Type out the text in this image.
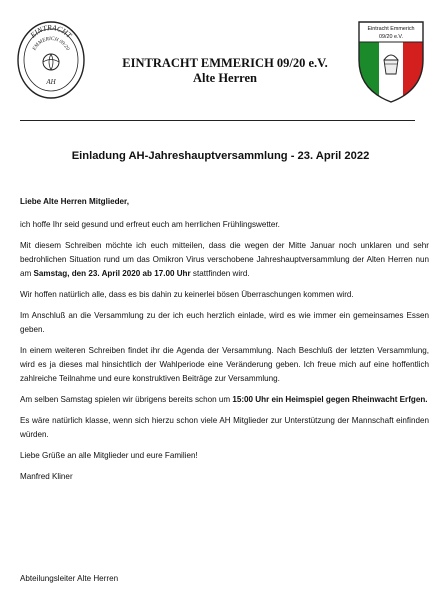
EINTRACHT
EMMERICH 09/20
AH
EINTRACHT EMMERICH 09/20 e.V.
Alte Herren
Eintracht Emmerich
09/20 e.V.
Einladung AH-Jahreshauptversammlung - 23. April 2022

Liebe Alte Herren Mitglieder,

ich hoffe Ihr seid gesund und erfreut euch am herrlichen Frühlingswetter.

Mit diesem Schreiben möchte ich euch mitteilen, dass die wegen der Mitte Januar noch unklaren und sehr bedrohlichen Situation rund um das Omikron Virus verschobene Jahreshauptversammlung der Alten Herren nun am Samstag, den 23. April 2020 ab 17.00 Uhr stattfinden wird.

Wir hoffen natürlich alle, dass es bis dahin zu keinerlei bösen Überraschungen kommen wird.

Im Anschluß an die Versammlung zu der ich euch herzlich einlade, wird es wie immer ein gemeinsames Essen geben.

In einem weiteren Schreiben findet ihr die Agenda der Versammlung. Nach Beschluß der letzten Versammlung, wird es ja dieses mal hinsichtlich der Wahlperiode eine Veränderung geben. Ich freue mich auf eine hoffentlich zahlreiche Teilnahme und eure konstruktiven Beiträge zur Versammlung.

Am selben Samstag spielen wir übrigens bereits schon um 15:00 Uhr ein Heimspiel gegen Rheinwacht Erfgen.

Es wäre natürlich klasse, wenn sich hierzu schon viele AH Mitglieder zur Unterstützung der Mannschaft einfinden würden.

Liebe Grüße an alle Mitglieder und eure Familien!

Manfred Kliner

Abteilungsleiter Alte Herren
